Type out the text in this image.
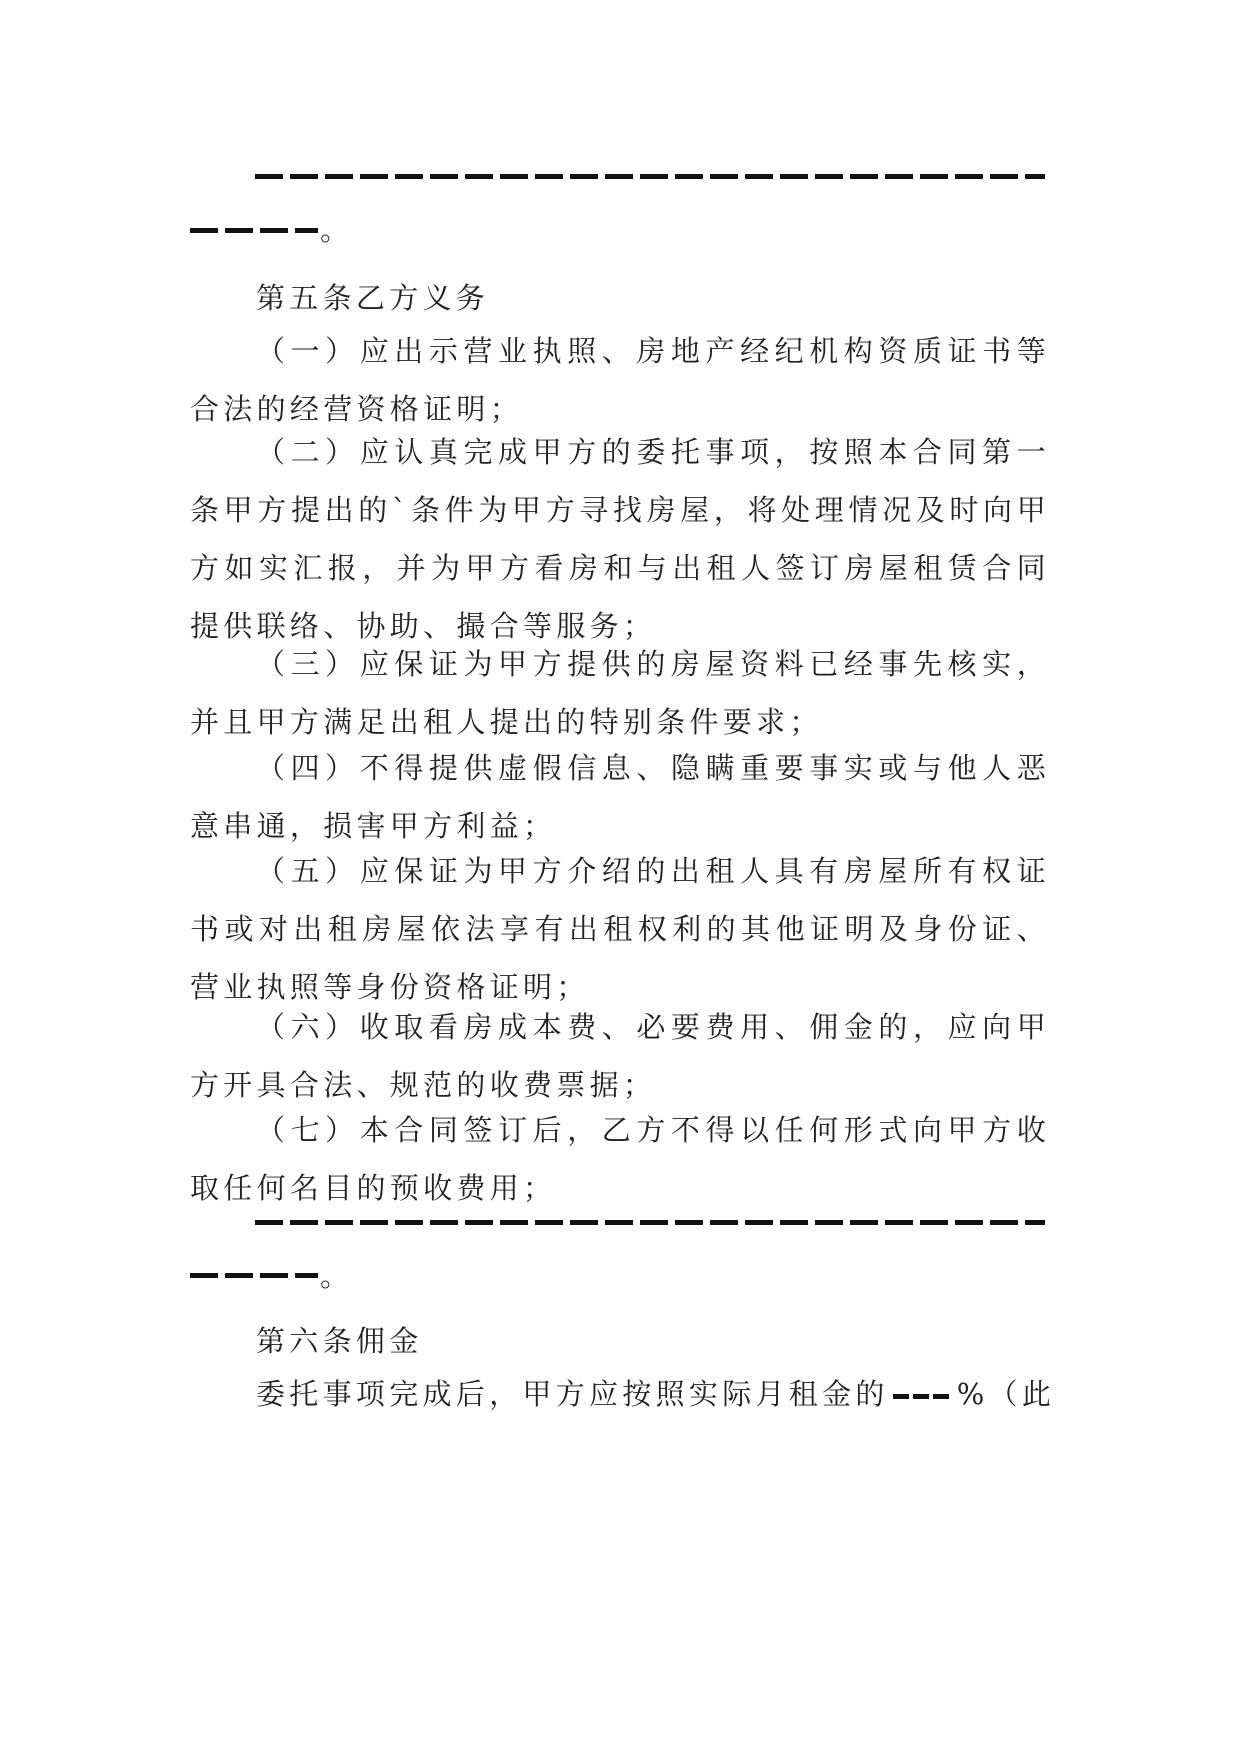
。
第五条乙方义务
（一）应出示营业执照、房地产经纪机构资质证书等合法的经营资格证明；
（二）应认真完成甲方的委托事项，按照本合同第一条甲方提出的`条件为甲方寻找房屋，将处理情况及时向甲方如实汇报，并为甲方看房和与出租人签订房屋租赁合同提供联络、协助、撮合等服务；
（三）应保证为甲方提供的房屋资料已经事先核实，并且甲方满足出租人提出的特别条件要求；
（四）不得提供虚假信息、隐瞒重要事实或与他人恶意串通，损害甲方利益；
（五）应保证为甲方介绍的出租人具有房屋所有权证书或对出租房屋依法享有出租权利的其他证明及身份证、营业执照等身份资格证明；
（六）收取看房成本费、必要费用、佣金的，应向甲方开具合法、规范的收费票据；
（七）本合同签订后，乙方不得以任何形式向甲方收取任何名目的预收费用；
。
第六条佣金
委托事项完成后，甲方应按照实际月租金的 %（此
